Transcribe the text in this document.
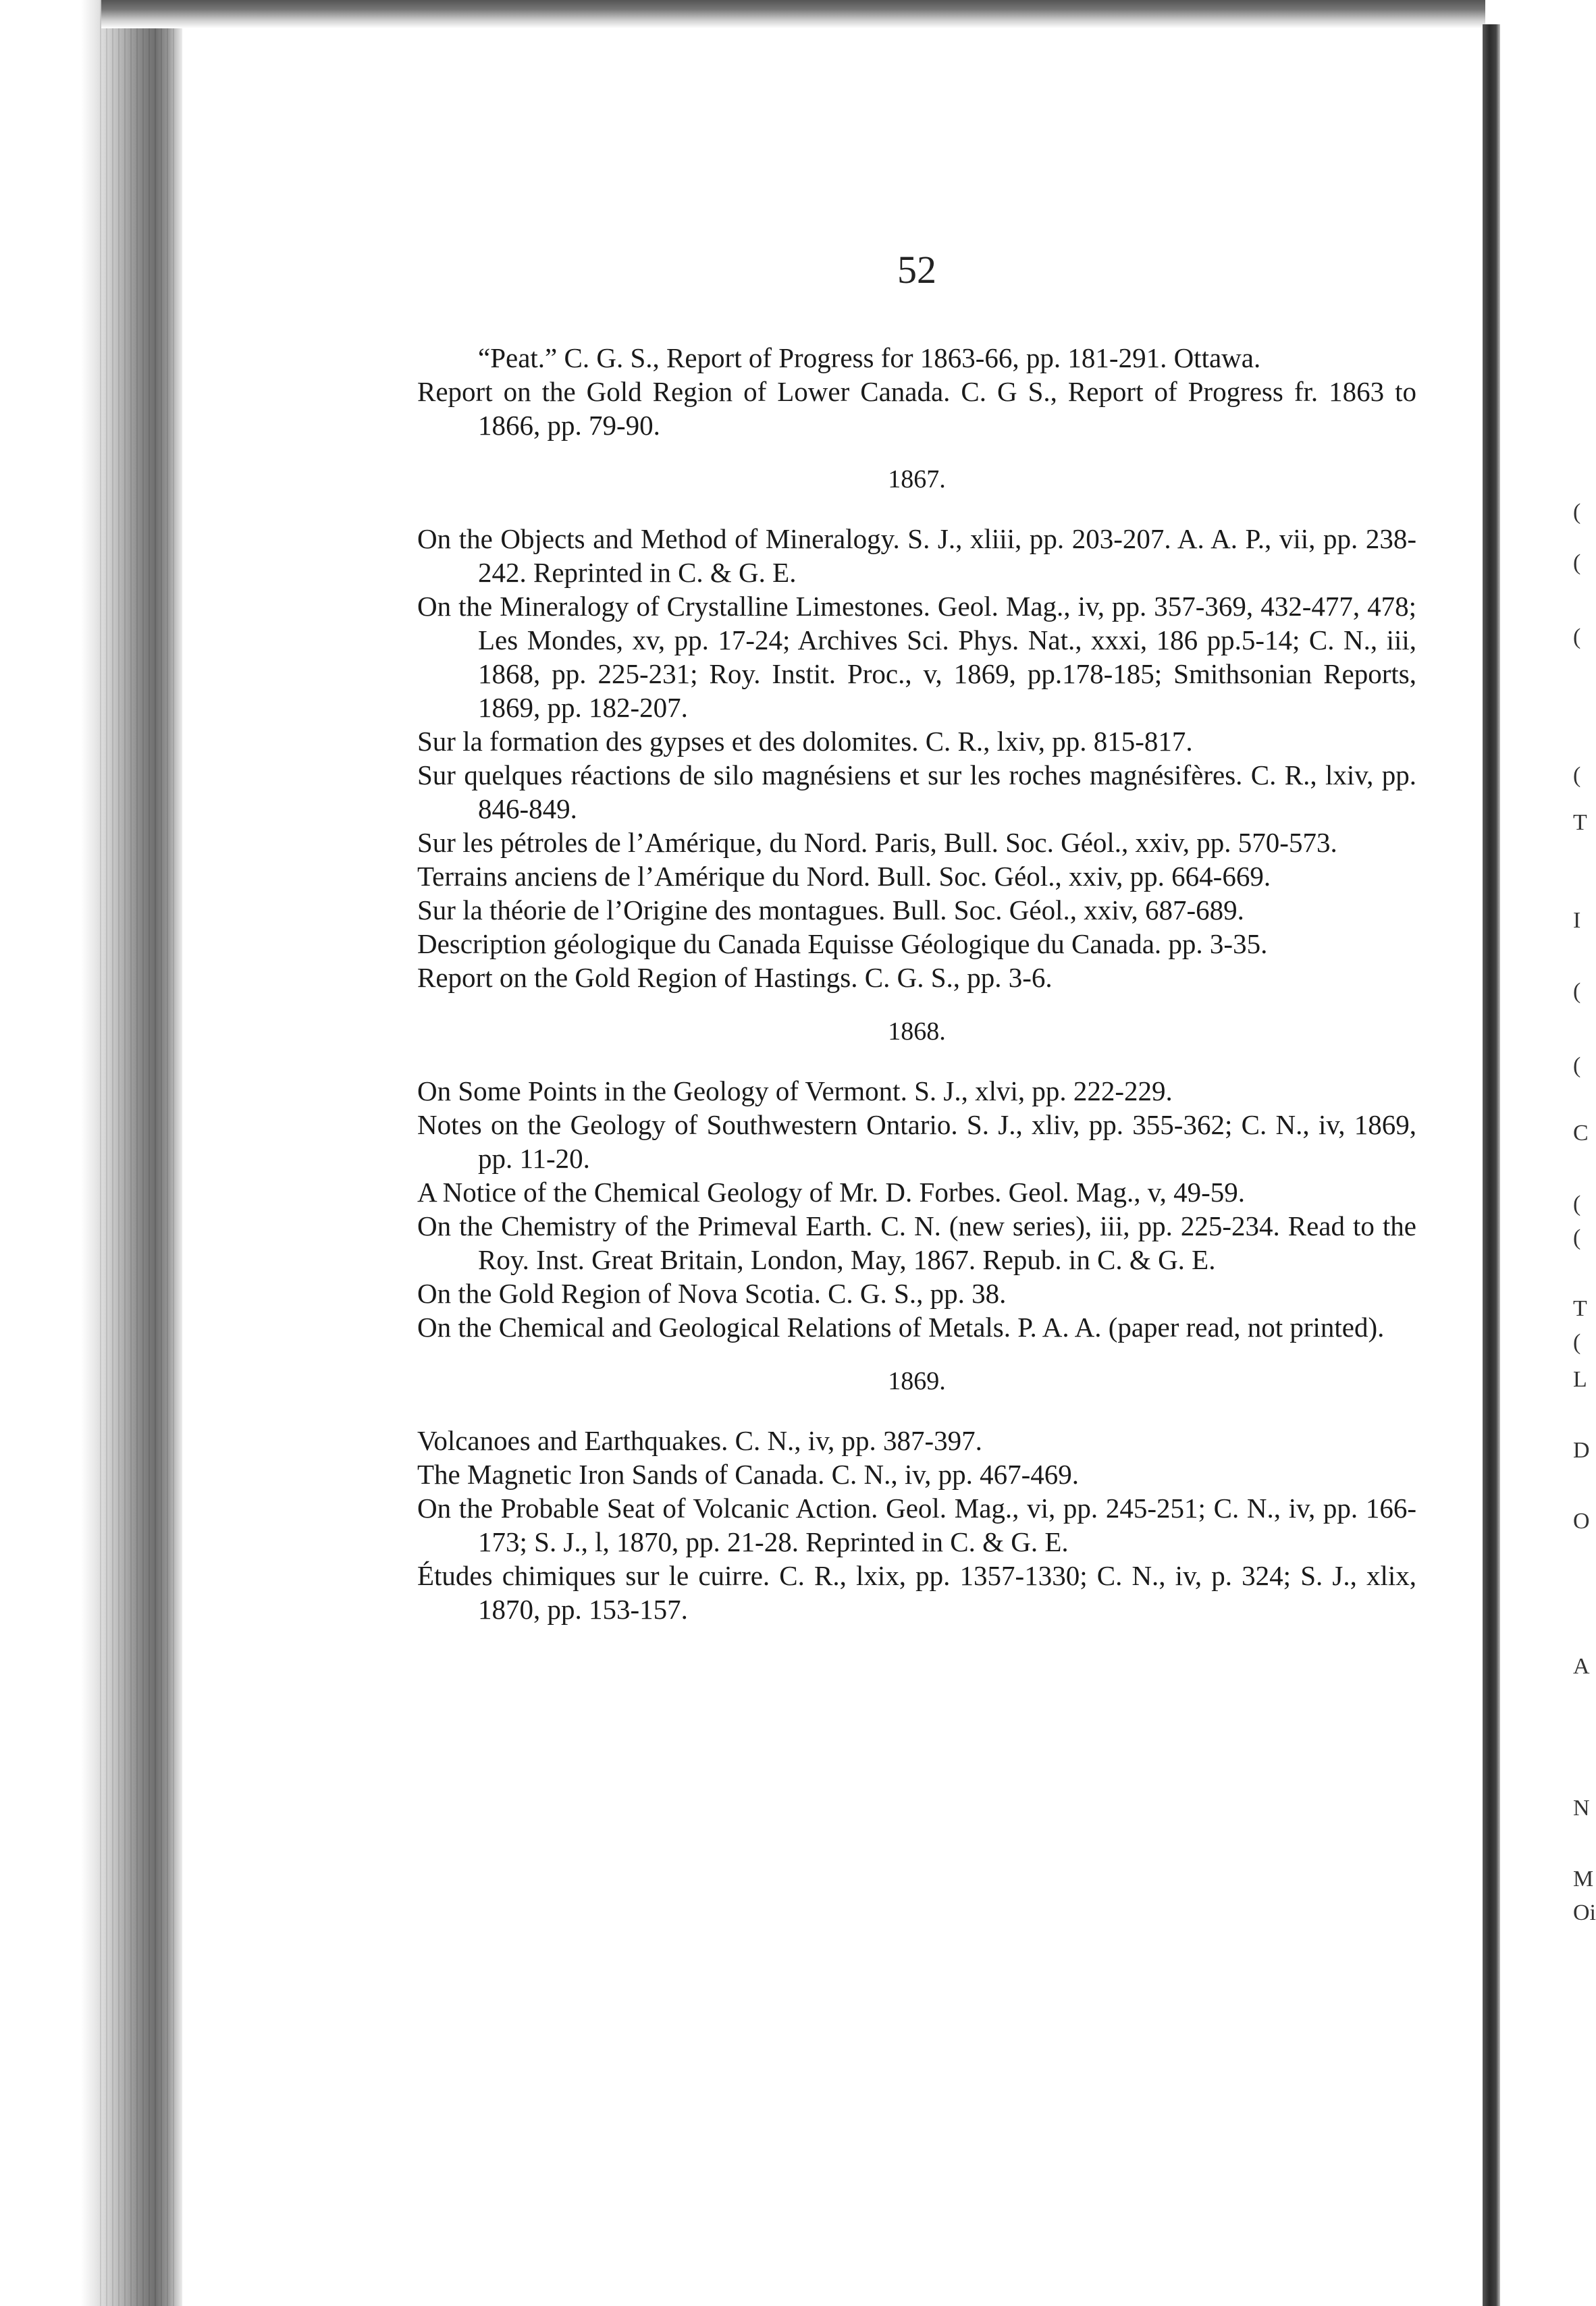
(
(
(
(
T
I
(
(
C
(
(
T
(
L
D
O
A
N
M
Oi
52

“Peat.” C. G. S., Report of Progress for 1863-66, pp. 181-291. Ottawa.

Report on the Gold Region of Lower Canada. C. G S., Report of Progress fr. 1863 to 1866, pp. 79-90.

1867.

On the Objects and Method of Mineralogy. S. J., xliii, pp. 203-207. A. A. P., vii, pp. 238-242. Reprinted in C. & G. E.

On the Mineralogy of Crystalline Limestones. Geol. Mag., iv, pp. 357-369, 432-477, 478; Les Mondes, xv, pp. 17-24; Archives Sci. Phys. Nat., xxxi, 186 pp.5-14; C. N., iii, 1868, pp. 225-231; Roy. Instit. Proc., v, 1869, pp.178-185; Smithsonian Reports, 1869, pp. 182-207.

Sur la formation des gypses et des dolomites. C. R., lxiv, pp. 815-817.

Sur quelques réactions de silo magnésiens et sur les roches magnésifères. C. R., lxiv, pp. 846-849.

Sur les pétroles de l’Amérique, du Nord. Paris, Bull. Soc. Géol., xxiv, pp. 570-573.

Terrains anciens de l’Amérique du Nord. Bull. Soc. Géol., xxiv, pp. 664-669.

Sur la théorie de l’Origine des montagues. Bull. Soc. Géol., xxiv, 687-689.

Description géologique du Canada Equisse Géologique du Canada. pp. 3-35.

Report on the Gold Region of Hastings. C. G. S., pp. 3-6.

1868.

On Some Points in the Geology of Vermont. S. J., xlvi, pp. 222-229.

Notes on the Geology of Southwestern Ontario. S. J., xliv, pp. 355-362; C. N., iv, 1869, pp. 11-20.

A Notice of the Chemical Geology of Mr. D. Forbes. Geol. Mag., v, 49-59.

On the Chemistry of the Primeval Earth. C. N. (new series), iii, pp. 225-234. Read to the Roy. Inst. Great Britain, London, May, 1867. Repub. in C. & G. E.

On the Gold Region of Nova Scotia. C. G. S., pp. 38.

On the Chemical and Geological Relations of Metals. P. A. A. (paper read, not printed).

1869.

Volcanoes and Earthquakes. C. N., iv, pp. 387-397.

The Magnetic Iron Sands of Canada. C. N., iv, pp. 467-469.

On the Probable Seat of Volcanic Action. Geol. Mag., vi, pp. 245-251; C. N., iv, pp. 166-173; S. J., l, 1870, pp. 21-28. Reprinted in C. & G. E.

Études chimiques sur le cuirre. C. R., lxix, pp. 1357-1330; C. N., iv, p. 324; S. J., xlix, 1870, pp. 153-157.
